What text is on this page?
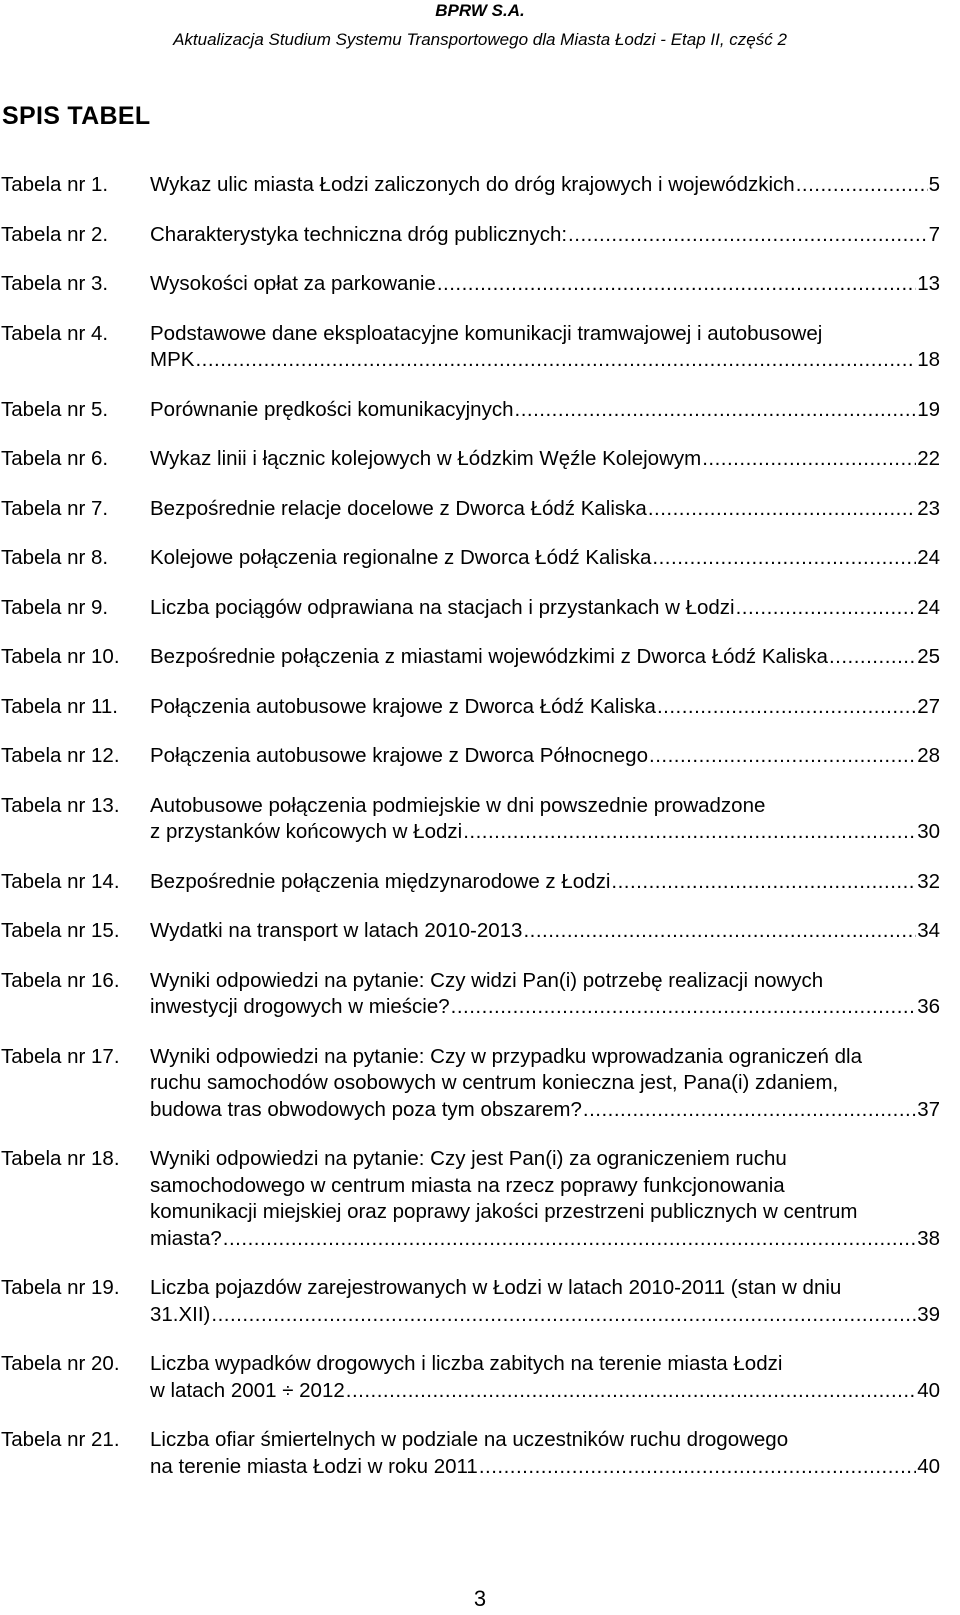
BPRW S.A.
Aktualizacja Studium Systemu Transportowego dla Miasta Łodzi - Etap II, część 2
SPIS TABEL
Tabela nr 1.	Wykaz ulic miasta Łodzi zaliczonych do dróg krajowych i wojewódzkich .....	5
Tabela nr 2.	Charakterystyka techniczna dróg publicznych: .....	7
Tabela nr 3.	Wysokości opłat za parkowanie .....	13
Tabela nr 4.	Podstawowe dane eksploatacyjne komunikacji tramwajowej i autobusowej
MPK .....	18
Tabela nr 5.	Porównanie prędkości komunikacyjnych .....	19
Tabela nr 6.	Wykaz linii i łącznic kolejowych w Łódzkim Węźle Kolejowym .....	22
Tabela nr 7.	Bezpośrednie relacje docelowe z Dworca Łódź Kaliska .....	23
Tabela nr 8.	Kolejowe połączenia regionalne z Dworca Łódź Kaliska .....	24
Tabela nr 9.	Liczba pociągów odprawiana na stacjach i przystankach w Łodzi .....	24
Tabela nr 10.	Bezpośrednie połączenia z miastami wojewódzkimi z Dworca Łódź Kaliska .....	25
Tabela nr 11.	Połączenia autobusowe krajowe z Dworca Łódź Kaliska .....	27
Tabela nr 12.	Połączenia autobusowe krajowe z Dworca Północnego .....	28
Tabela nr 13.	Autobusowe połączenia podmiejskie w dni powszednie prowadzone
z przystanków końcowych w Łodzi .....	30
Tabela nr 14.	Bezpośrednie połączenia międzynarodowe z Łodzi .....	32
Tabela nr 15.	Wydatki na transport w latach 2010-2013 .....	34
Tabela nr 16.	Wyniki odpowiedzi na pytanie: Czy widzi Pan(i) potrzebę realizacji nowych
inwestycji drogowych w mieście? .....	36
Tabela nr 17.	Wyniki odpowiedzi na pytanie: Czy w przypadku wprowadzania ograniczeń dla
ruchu samochodów osobowych w centrum konieczna jest, Pana(i) zdaniem,
budowa tras obwodowych poza tym obszarem? .....	37
Tabela nr 18.	Wyniki odpowiedzi na pytanie: Czy jest Pan(i) za ograniczeniem ruchu
samochodowego w centrum miasta na rzecz poprawy funkcjonowania
komunikacji miejskiej oraz poprawy jakości przestrzeni publicznych w centrum
miasta? .....	38
Tabela nr 19.	Liczba pojazdów zarejestrowanych w Łodzi w latach 2010-2011 (stan w dniu
31.XII) .....	39
Tabela nr 20.	Liczba wypadków drogowych i liczba zabitych na terenie miasta Łodzi
w latach 2001 ÷ 2012 .....	40
Tabela nr 21.	Liczba ofiar śmiertelnych w podziale na uczestników ruchu drogowego
na terenie miasta Łodzi w roku 2011 .....	40
3
